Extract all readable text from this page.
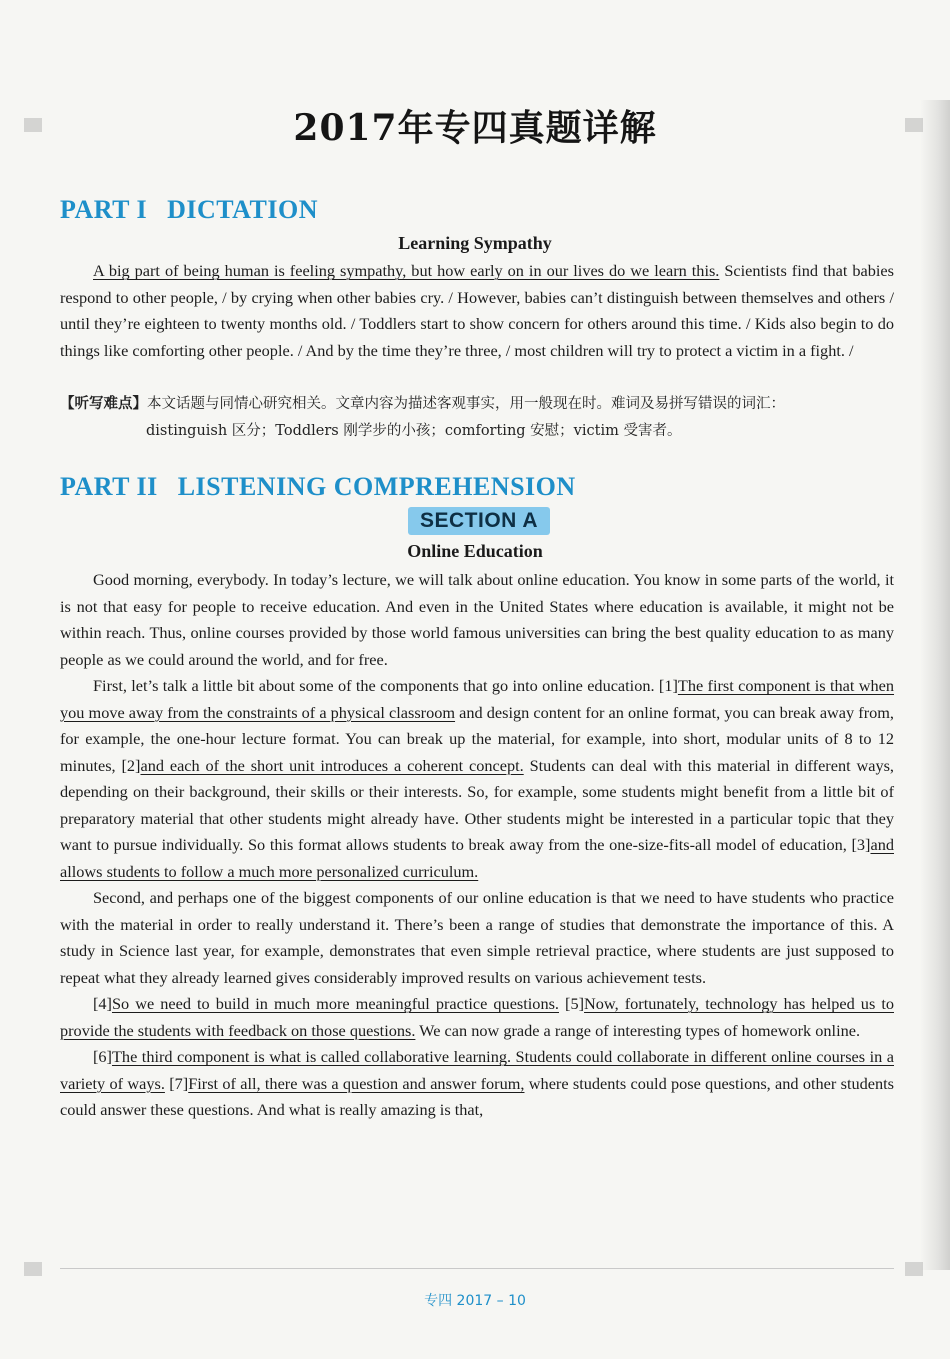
2017年专四真题详解
PART I DICTATION
Learning Sympathy

A big part of being human is feeling sympathy, but how early on in our lives do we learn this. Scientists find that babies respond to other people, / by crying when other babies cry. / However, babies can’t distinguish between themselves and others / until they’re eighteen to twenty months old. / Toddlers start to show concern for others around this time. / Kids also begin to do things like comforting other people. / And by the time they’re three, / most children will try to protect a victim in a fight. /

【听写难点】本文话题与同情心研究相关。文章内容为描述客观事实，用一般现在时。难词及易拼写错误的词汇：
distinguish 区分；Toddlers 刚学步的小孩；comforting 安慰；victim 受害者。
PART II LISTENING COMPREHENSION
SECTION A
Online Education

Good morning, everybody. In today’s lecture, we will talk about online education. You know in some parts of the world, it is not that easy for people to receive education. And even in the United States where education is available, it might not be within reach. Thus, online courses provided by those world famous universities can bring the best quality education to as many people as we could around the world, and for free.

First, let’s talk a little bit about some of the components that go into online education. [1]The first component is that when you move away from the constraints of a physical classroom and design content for an online format, you can break away from, for example, the one-hour lecture format. You can break up the material, for example, into short, modular units of 8 to 12 minutes, [2]and each of the short unit introduces a coherent concept. Students can deal with this material in different ways, depending on their background, their skills or their interests. So, for example, some students might benefit from a little bit of preparatory material that other students might already have. Other students might be interested in a particular topic that they want to pursue individually. So this format allows students to break away from the one-size-fits-all model of education, [3]and allows students to follow a much more personalized curriculum.

Second, and perhaps one of the biggest components of our online education is that we need to have students who practice with the material in order to really understand it. There’s been a range of studies that demonstrate the importance of this. A study in Science last year, for example, demonstrates that even simple retrieval practice, where students are just supposed to repeat what they already learned gives considerably improved results on various achievement tests.

[4]So we need to build in much more meaningful practice questions. [5]Now, fortunately, technology has helped us to provide the students with feedback on those questions. We can now grade a range of interesting types of homework online.

[6]The third component is what is called collaborative learning. Students could collaborate in different online courses in a variety of ways. [7]First of all, there was a question and answer forum, where students could pose questions, and other students could answer these questions. And what is really amazing is that,

专四 2017 – 10
